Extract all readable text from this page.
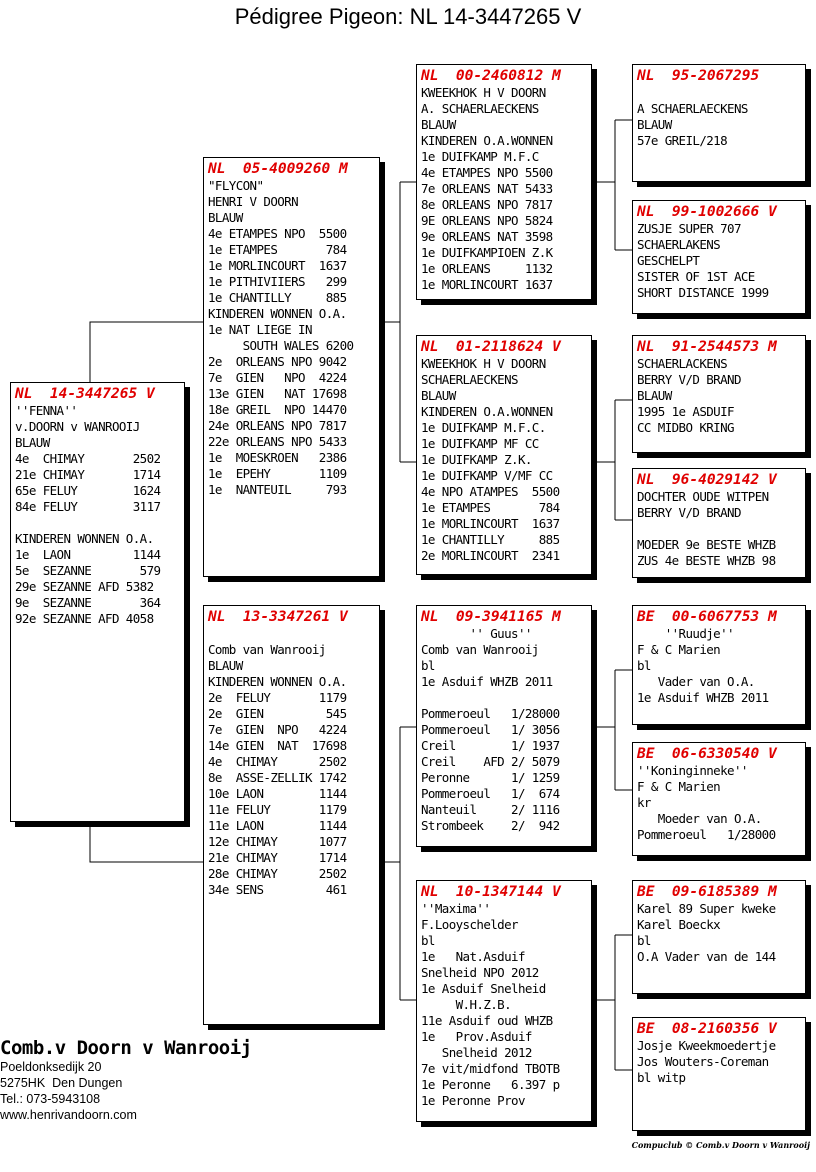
Pédigree Pigeon: NL 14-3447265 V
NL  14-3447265 V
''FENNA''
v.DOORN v WANROOIJ
BLAUW
4e  CHIMAY       2502
21e CHIMAY       1714
65e FELUY        1624
84e FELUY        3117

KINDEREN WONNEN O.A.
1e  LAON         1144
5e  SEZANNE       579
29e SEZANNE AFD 5382
9e  SEZANNE       364
92e SEZANNE AFD 4058
NL  05-4009260 M
"FLYCON"
HENRI V DOORN
BLAUW
4e ETAMPES NPO  5500
1e ETAMPES       784
1e MORLINCOURT  1637
1e PITHIVIIERS   299
1e CHANTILLY     885
KINDEREN WONNEN O.A.
1e NAT LIEGE IN
SOUTH WALES 6200
2e  ORLEANS NPO 9042
7e  GIEN   NPO  4224
13e GIEN   NAT 17698
18e GREIL  NPO 14470
24e ORLEANS NPO 7817
22e ORLEANS NPO 5433
1e  MOESKROEN   2386
1e  EPEHY       1109
1e  NANTEUIL     793
NL  13-3347261 V

Comb van Wanrooij
BLAUW
KINDEREN WONNEN O.A.
2e  FELUY       1179
2e  GIEN         545
7e  GIEN  NPO   4224
14e GIEN  NAT  17698
4e  CHIMAY      2502
8e  ASSE-ZELLIK 1742
10e LAON        1144
11e FELUY       1179
11e LAON        1144
12e CHIMAY      1077
21e CHIMAY      1714
28e CHIMAY      2502
34e SENS         461
NL  00-2460812 M
KWEEKHOK H V DOORN
A. SCHAERLAECKENS
BLAUW
KINDEREN O.A.WONNEN
1e DUIFKAMP M.F.C
4e ETAMPES NPO 5500
7e ORLEANS NAT 5433
8e ORLEANS NPO 7817
9E ORLEANS NPO 5824
9e ORLEANS NAT 3598
1e DUIFKAMPIOEN Z.K
1e ORLEANS     1132
1e MORLINCOURT 1637
NL  01-2118624 V
KWEEKHOK H V DOORN
SCHAERLAECKENS
BLAUW
KINDEREN O.A.WONNEN
1e DUIFKAMP M.F.C.
1e DUIFKAMP MF CC
1e DUIFKAMP Z.K.
1e DUIFKAMP V/MF CC
4e NPO ATAMPES  5500
1e ETAMPES       784
1e MORLINCOURT  1637
1e CHANTILLY     885
2e MORLINCOURT  2341
NL  09-3941165 M
'' Guus''
Comb van Wanrooij
bl
1e Asduif WHZB 2011

Pommeroeul   1/28000
Pommeroeul   1/ 3056
Creil        1/ 1937
Creil    AFD 2/ 5079
Peronne      1/ 1259
Pommeroeul   1/  674
Nanteuil     2/ 1116
Strombeek    2/  942
NL  10-1347144 V
''Maxima''
F.Looyschelder
bl
1e   Nat.Asduif
Snelheid NPO 2012
1e Asduif Snelheid
W.H.Z.B.
11e Asduif oud WHZB
1e   Prov.Asduif
Snelheid 2012
7e vit/midfond TBOTB
1e Peronne   6.397 p
1e Peronne Prov
NL  95-2067295

A SCHAERLAECKENS
BLAUW
57e GREIL/218
NL  99-1002666 V
ZUSJE SUPER 707
SCHAERLAKENS
GESCHELPT
SISTER OF 1ST ACE
SHORT DISTANCE 1999
NL  91-2544573 M
SCHAERLACKENS
BERRY V/D BRAND
BLAUW
1995 1e ASDUIF
CC MIDBO KRING
NL  96-4029142 V
DOCHTER OUDE WITPEN
BERRY V/D BRAND

MOEDER 9e BESTE WHZB
ZUS 4e BESTE WHZB 98
BE  00-6067753 M
''Ruudje''
F & C Marien
bl
Vader van O.A.
1e Asduif WHZB 2011
BE  06-6330540 V
''Koninginneke''
F & C Marien
kr
Moeder van O.A.
Pommeroeul   1/28000
BE  09-6185389 M
Karel 89 Super kweke
Karel Boeckx
bl
O.A Vader van de 144
BE  08-2160356 V
Josje Kweekmoedertje
Jos Wouters-Coreman
bl witp
Comb.v Doorn v Wanrooij
Poeldonksedijk 20
5275HK  Den Dungen
Tel.: 073-5943108
www.henrivandoorn.com
Compuclub © Comb.v Doorn v Wanrooij
